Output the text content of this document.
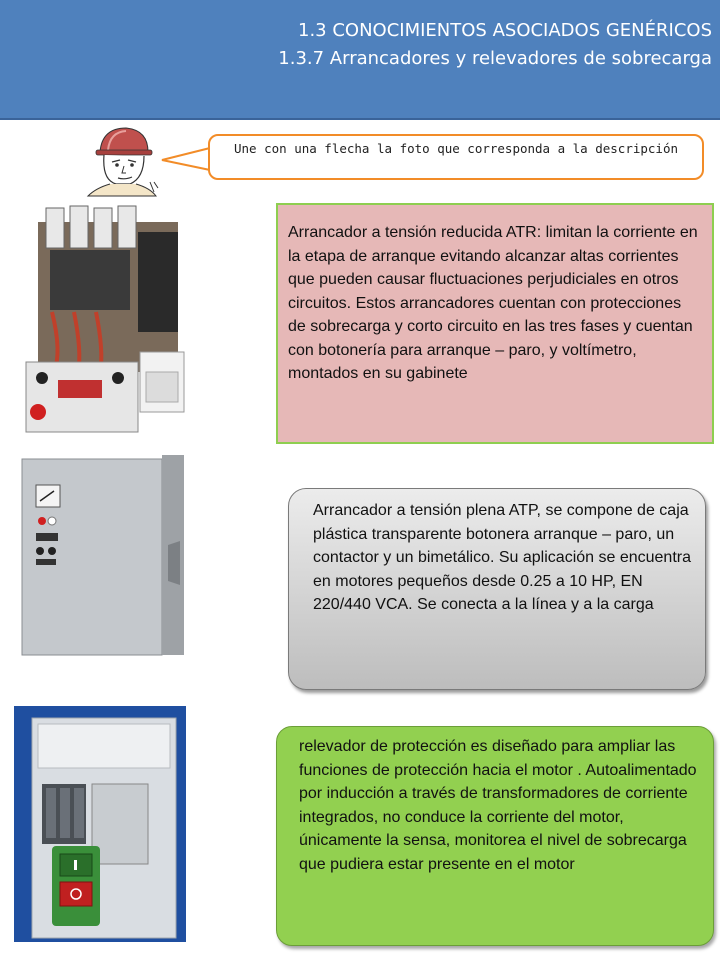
1.3 CONOCIMIENTOS ASOCIADOS GENÉRICOS
1.3.7 Arrancadores y relevadores de sobrecarga
Une con una flecha la foto que corresponda a la descripción
Arrancador a tensión reducida ATR: limitan la corriente en la etapa de arranque evitando alcanzar altas corrientes que pueden causar fluctuaciones perjudiciales en otros circuitos. Estos arrancadores cuentan con protecciones de sobrecarga y corto circuito en las tres fases y cuentan con botonería para arranque – paro, y voltímetro, montados en su gabinete
Arrancador a tensión plena ATP, se compone de caja plástica transparente botonera arranque – paro, un contactor y un bimetálico. Su aplicación se encuentra en motores pequeños desde 0.25 a 10 HP, EN 220/440 VCA. Se conecta a la línea y a la carga
relevador de protección es diseñado para ampliar las funciones de protección hacia el motor . Autoalimentado por inducción a través de transformadores de corriente integrados, no conduce la corriente del motor, únicamente la sensa, monitorea el nivel de sobrecarga que pudiera estar presente en el motor
